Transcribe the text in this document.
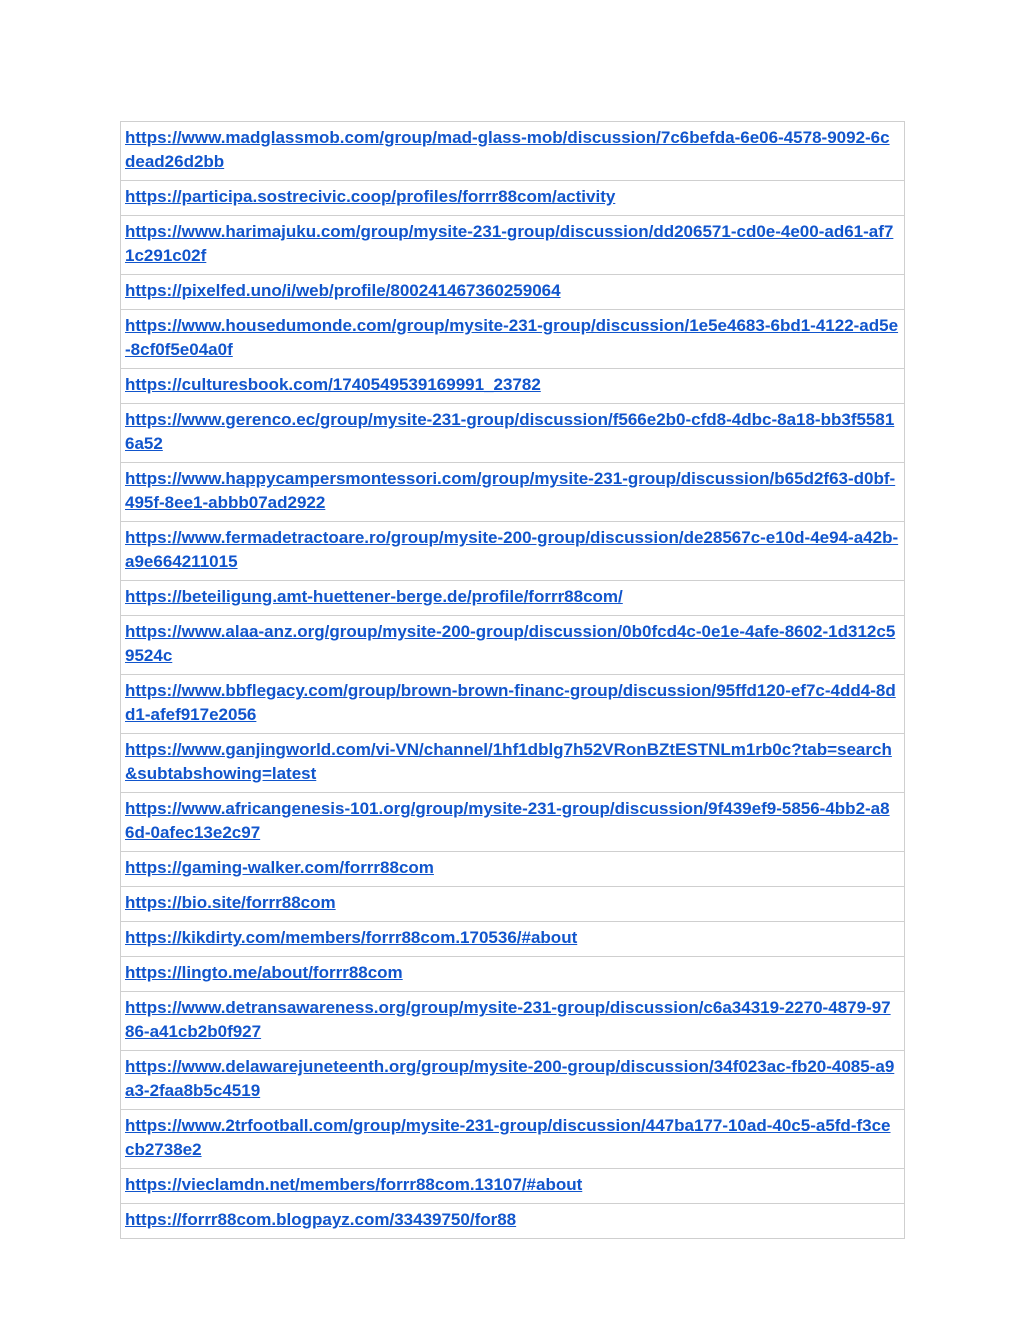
https://www.madglassmob.com/group/mad-glass-mob/discussion/7c6befda-6e06-4578-9092-6cdead26d2bb

https://participa.sostrecivic.coop/profiles/forrr88com/activity

https://www.harimajuku.com/group/mysite-231-group/discussion/dd206571-cd0e-4e00-ad61-af71c291c02f

https://pixelfed.uno/i/web/profile/800241467360259064

https://www.housedumonde.com/group/mysite-231-group/discussion/1e5e4683-6bd1-4122-ad5e-8cf0f5e04a0f

https://culturesbook.com/1740549539169991_23782

https://www.gerenco.ec/group/mysite-231-group/discussion/f566e2b0-cfd8-4dbc-8a18-bb3f55816a52

https://www.happycampersmontessori.com/group/mysite-231-group/discussion/b65d2f63-d0bf-495f-8ee1-abbb07ad2922

https://www.fermadetractoare.ro/group/mysite-200-group/discussion/de28567c-e10d-4e94-a42b-a9e664211015

https://beteiligung.amt-huettener-berge.de/profile/forrr88com/

https://www.alaa-anz.org/group/mysite-200-group/discussion/0b0fcd4c-0e1e-4afe-8602-1d312c59524c

https://www.bbflegacy.com/group/brown-brown-financ-group/discussion/95ffd120-ef7c-4dd4-8dd1-afef917e2056

https://www.ganjingworld.com/vi-VN/channel/1hf1dblg7h52VRonBZtESTNLm1rb0c?tab=search&subtabshowing=latest

https://www.africangenesis-101.org/group/mysite-231-group/discussion/9f439ef9-5856-4bb2-a86d-0afec13e2c97

https://gaming-walker.com/forrr88com

https://bio.site/forrr88com

https://kikdirty.com/members/forrr88com.170536/#about

https://lingto.me/about/forrr88com

https://www.detransawareness.org/group/mysite-231-group/discussion/c6a34319-2270-4879-9786-a41cb2b0f927

https://www.delawarejuneteenth.org/group/mysite-200-group/discussion/34f023ac-fb20-4085-a9a3-2faa8b5c4519

https://www.2trfootball.com/group/mysite-231-group/discussion/447ba177-10ad-40c5-a5fd-f3cecb2738e2

https://vieclamdn.net/members/forrr88com.13107/#about

https://forrr88com.blogpayz.com/33439750/for88
